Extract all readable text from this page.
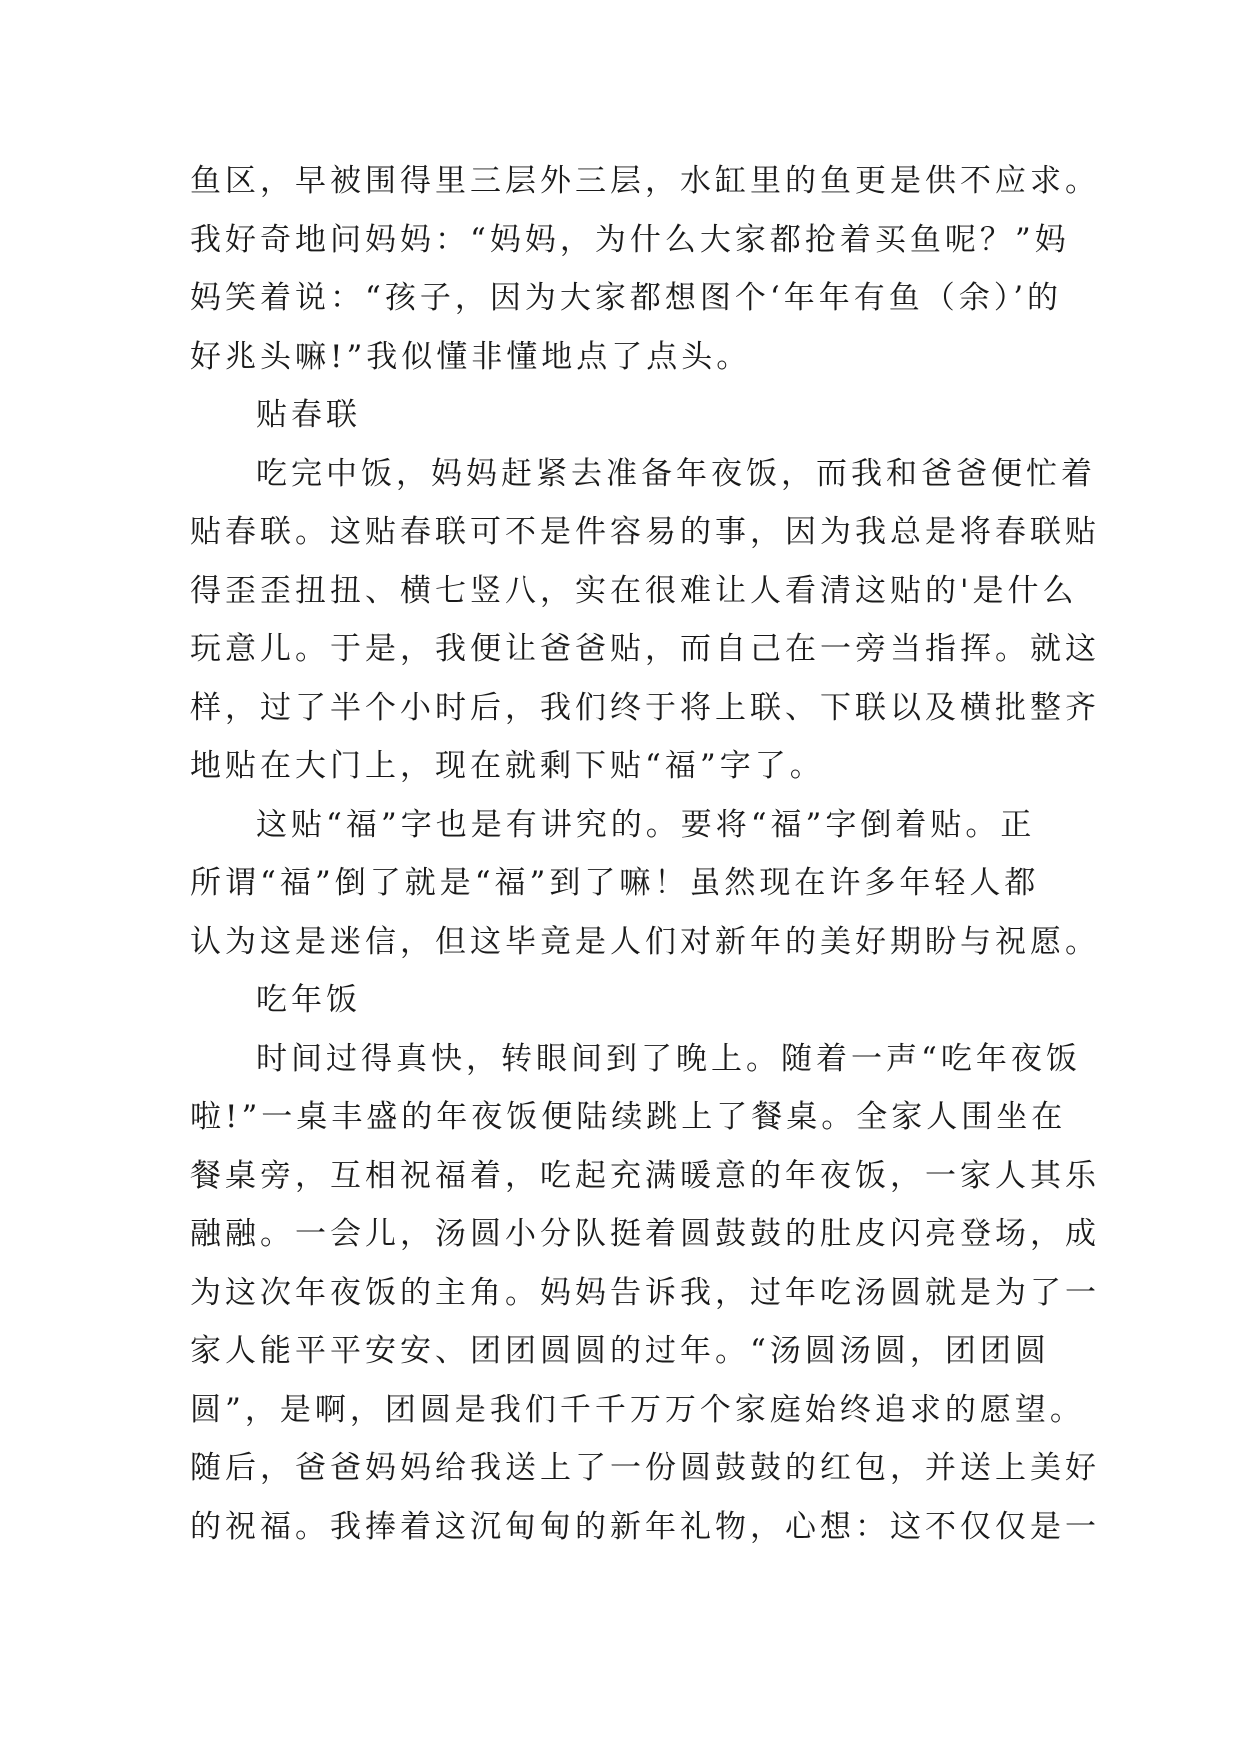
鱼区，早被围得里三层外三层，水缸里的鱼更是供不应求。
我好奇地问妈妈：“妈妈，为什么大家都抢着买鱼呢？”妈
妈笑着说：“孩子，因为大家都想图个‘年年有鱼（余）’的
好兆头嘛!”我似懂非懂地点了点头。
贴春联
吃完中饭，妈妈赶紧去准备年夜饭，而我和爸爸便忙着
贴春联。这贴春联可不是件容易的事，因为我总是将春联贴
得歪歪扭扭、横七竖八，实在很难让人看清这贴的'是什么
玩意儿。于是，我便让爸爸贴，而自己在一旁当指挥。就这
样，过了半个小时后，我们终于将上联、下联以及横批整齐
地贴在大门上，现在就剩下贴“福”字了。
这贴“福”字也是有讲究的。要将“福”字倒着贴。正
所谓“福”倒了就是“福”到了嘛！虽然现在许多年轻人都
认为这是迷信，但这毕竟是人们对新年的美好期盼与祝愿。
吃年饭
时间过得真快，转眼间到了晚上。随着一声“吃年夜饭
啦!”一桌丰盛的年夜饭便陆续跳上了餐桌。全家人围坐在
餐桌旁，互相祝福着，吃起充满暖意的年夜饭，一家人其乐
融融。一会儿，汤圆小分队挺着圆鼓鼓的肚皮闪亮登场，成
为这次年夜饭的主角。妈妈告诉我，过年吃汤圆就是为了一
家人能平平安安、团团圆圆的过年。“汤圆汤圆，团团圆
圆”，是啊，团圆是我们千千万万个家庭始终追求的愿望。
随后，爸爸妈妈给我送上了一份圆鼓鼓的红包，并送上美好
的祝福。我捧着这沉甸甸的新年礼物，心想：这不仅仅是一
